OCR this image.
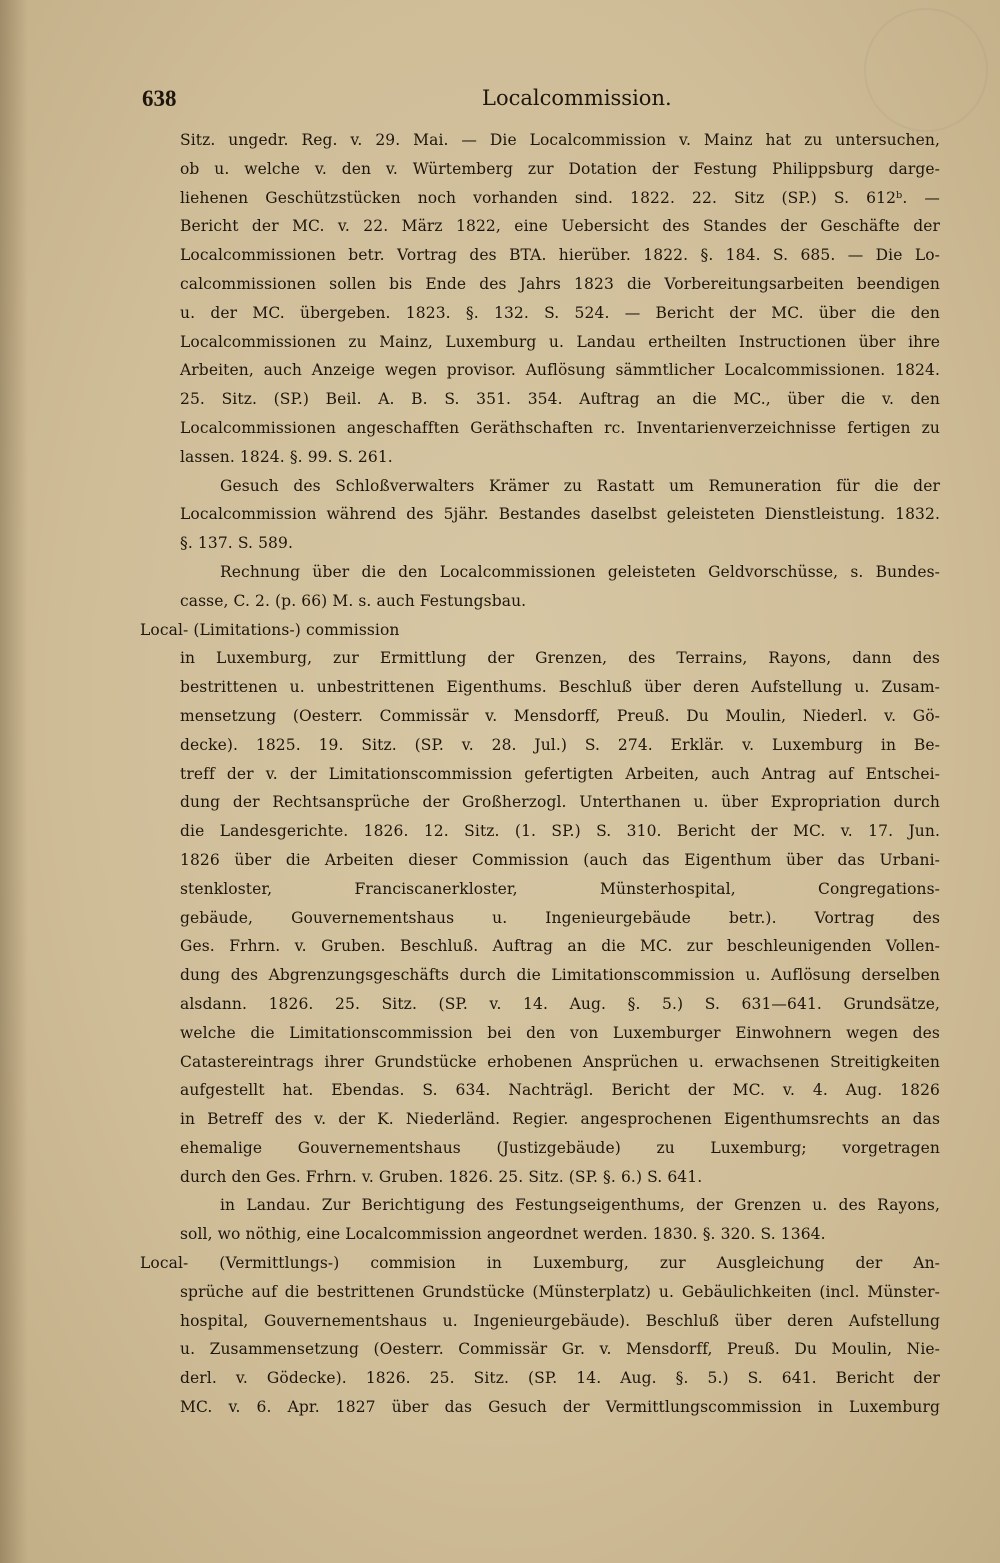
638	Localcommission.
Sitz. ungedr. Reg. v. 29. Mai. — Die Localcommission v. Mainz hat zu untersuchen,
ob u. welche v. den v. Würtemberg zur Dotation der Festung Philippsburg darge-
liehenen Geschützstücken noch vorhanden sind. 1822. 22. Sitz (SP.) S. 612ᵇ. —
Bericht der MC. v. 22. März 1822, eine Uebersicht des Standes der Geschäfte der
Localcommissionen betr. Vortrag des BTA. hierüber. 1822. §. 184. S. 685. — Die Lo-
calcommissionen sollen bis Ende des Jahrs 1823 die Vorbereitungsarbeiten beendigen
u. der MC. übergeben. 1823. §. 132. S. 524. — Bericht der MC. über die den
Localcommissionen zu Mainz, Luxemburg u. Landau ertheilten Instructionen über ihre
Arbeiten, auch Anzeige wegen provisor. Auflösung sämmtlicher Localcommissionen. 1824.
25. Sitz. (SP.) Beil. A. B. S. 351. 354. Auftrag an die MC., über die v. den
Localcommissionen angeschafften Geräthschaften rc. Inventarienverzeichnisse fertigen zu
lassen. 1824. §. 99. S. 261.
Gesuch des Schloßverwalters Krämer zu Rastatt um Remuneration für die der
Localcommission während des 5jähr. Bestandes daselbst geleisteten Dienstleistung. 1832.
§. 137. S. 589.
Rechnung über die den Localcommissionen geleisteten Geldvorschüsse, s. Bundes-
casse, C. 2. (p. 66) M. s. auch Festungsbau.
Local- (Limitations-) commission
in Luxemburg, zur Ermittlung der Grenzen, des Terrains, Rayons, dann des
bestrittenen u. unbestrittenen Eigenthums. Beschluß über deren Aufstellung u. Zusam-
mensetzung (Oesterr. Commissär v. Mensdorff, Preuß. Du Moulin, Niederl. v. Gö-
decke). 1825. 19. Sitz. (SP. v. 28. Jul.) S. 274. Erklär. v. Luxemburg in Be-
treff der v. der Limitationscommission gefertigten Arbeiten, auch Antrag auf Entschei-
dung der Rechtsansprüche der Großherzogl. Unterthanen u. über Expropriation durch
die Landesgerichte. 1826. 12. Sitz. (1. SP.) S. 310. Bericht der MC. v. 17. Jun.
1826 über die Arbeiten dieser Commission (auch das Eigenthum über das Urbani-
stenkloster, Franciscanerkloster, Münsterhospital, Congregations-
gebäude, Gouvernementshaus u. Ingenieurgebäude betr.). Vortrag des
Ges. Frhrn. v. Gruben. Beschluß. Auftrag an die MC. zur beschleunigenden Vollen-
dung des Abgrenzungsgeschäfts durch die Limitationscommission u. Auflösung derselben
alsdann. 1826. 25. Sitz. (SP. v. 14. Aug. §. 5.) S. 631—641. Grundsätze,
welche die Limitationscommission bei den von Luxemburger Einwohnern wegen des
Catastereintrags ihrer Grundstücke erhobenen Ansprüchen u. erwachsenen Streitigkeiten
aufgestellt hat. Ebendas. S. 634. Nachträgl. Bericht der MC. v. 4. Aug. 1826
in Betreff des v. der K. Niederländ. Regier. angesprochenen Eigenthumsrechts an das
ehemalige Gouvernementshaus (Justizgebäude) zu Luxemburg; vorgetragen
durch den Ges. Frhrn. v. Gruben. 1826. 25. Sitz. (SP. §. 6.) S. 641.
in Landau. Zur Berichtigung des Festungseigenthums, der Grenzen u. des Rayons,
soll, wo nöthig, eine Localcommission angeordnet werden. 1830. §. 320. S. 1364.
Local- (Vermittlungs-) commision in Luxemburg, zur Ausgleichung der An-
sprüche auf die bestrittenen Grundstücke (Münsterplatz) u. Gebäulichkeiten (incl. Münster-
hospital, Gouvernementshaus u. Ingenieurgebäude). Beschluß über deren Aufstellung
u. Zusammensetzung (Oesterr. Commissär Gr. v. Mensdorff, Preuß. Du Moulin, Nie-
derl. v. Gödecke). 1826. 25. Sitz. (SP. 14. Aug. §. 5.) S. 641. Bericht der
MC. v. 6. Apr. 1827 über das Gesuch der Vermittlungscommission in Luxemburg
